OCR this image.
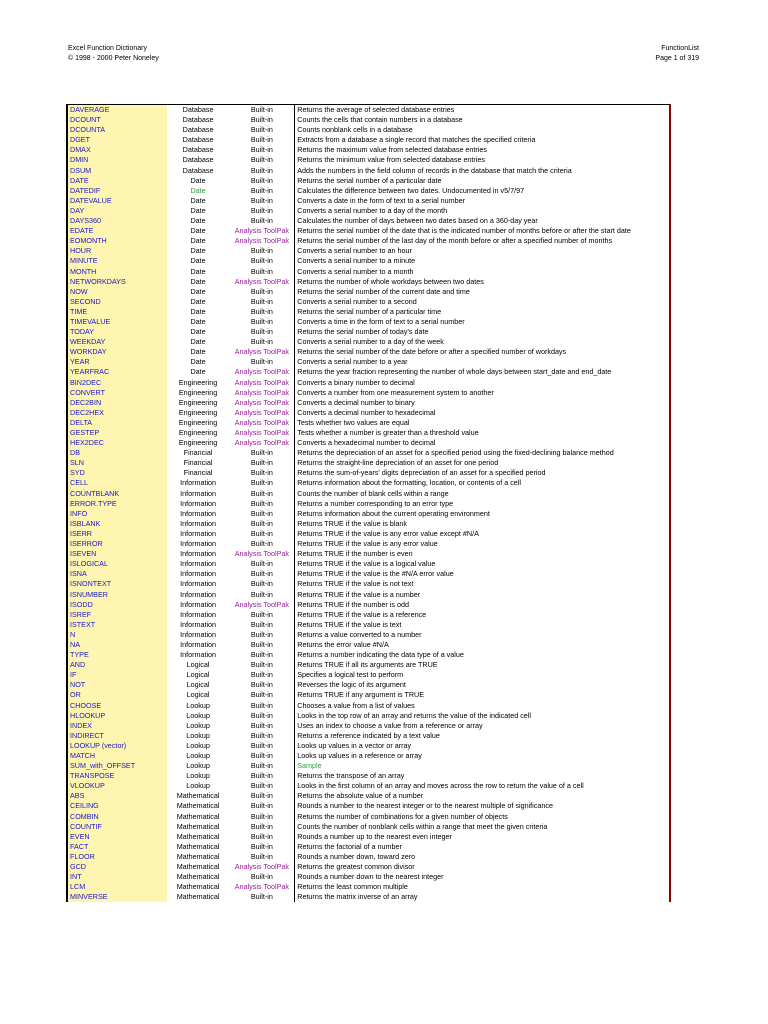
Excel Function Dictionary
© 1998 - 2000 Peter Noneley
FunctionList
Page 1 of 319
DAVERAGE	Database	Built-in	Returns the average of selected database entries
DCOUNT	Database	Built-in	Counts the cells that contain numbers in a database
DCOUNTA	Database	Built-in	Counts nonblank cells in a database
DGET	Database	Built-in	Extracts from a database a single record that matches the specified criteria
DMAX	Database	Built-in	Returns the maximum value from selected database entries
DMIN	Database	Built-in	Returns the minimum value from selected database entries
DSUM	Database	Built-in	Adds the numbers in the field column of records in the database that match the criteria
DATE	Date	Built-in	Returns the serial number of a particular date
DATEDIF	Date	Built-in	Calculates the difference between two dates. Undocumented in v5/7/97
DATEVALUE	Date	Built-in	Converts a date in the form of text to a serial number
DAY	Date	Built-in	Converts a serial number to a day of the month
DAYS360	Date	Built-in	Calculates the number of days between two dates based on a 360-day year
EDATE	Date	Analysis ToolPak	Returns the serial number of the date that is the indicated number of months before or after the start date
EOMONTH	Date	Analysis ToolPak	Returns the serial number of the last day of the month before or after a specified number of months
HOUR	Date	Built-in	Converts a serial number to an hour
MINUTE	Date	Built-in	Converts a serial number to a minute
MONTH	Date	Built-in	Converts a serial number to a month
NETWORKDAYS	Date	Analysis ToolPak	Returns the number of whole workdays between two dates
NOW	Date	Built-in	Returns the serial number of the current date and time
SECOND	Date	Built-in	Converts a serial number to a second
TIME	Date	Built-in	Returns the serial number of a particular time
TIMEVALUE	Date	Built-in	Converts a time in the form of text to a serial number
TODAY	Date	Built-in	Returns the serial number of today's date
WEEKDAY	Date	Built-in	Converts a serial number to a day of the week
WORKDAY	Date	Analysis ToolPak	Returns the serial number of the date before or after a specified number of workdays
YEAR	Date	Built-in	Converts a serial number to a year
YEARFRAC	Date	Analysis ToolPak	Returns the year fraction representing the number of whole days between start_date and end_date
BIN2DEC	Engineering	Analysis ToolPak	Converts a binary number to decimal
CONVERT	Engineering	Analysis ToolPak	Converts a number from one measurement system to another
DEC2BIN	Engineering	Analysis ToolPak	Converts a decimal number to binary
DEC2HEX	Engineering	Analysis ToolPak	Converts a decimal number to hexadecimal
DELTA	Engineering	Analysis ToolPak	Tests whether two values are equal
GESTEP	Engineering	Analysis ToolPak	Tests whether a number is greater than a threshold value
HEX2DEC	Engineering	Analysis ToolPak	Converts a hexadecimal number to decimal
DB	Financial	Built-in	Returns the depreciation of an asset for a specified period using the fixed-declining balance method
SLN	Financial	Built-in	Returns the straight-line depreciation of an asset for one period
SYD	Financial	Built-in	Returns the sum-of-years' digits depreciation of an asset for a specified period
CELL	Information	Built-in	Returns information about the formatting, location, or contents of a cell
COUNTBLANK	Information	Built-in	Counts the number of blank cells within a range
ERROR.TYPE	Information	Built-in	Returns a number corresponding to an error type
INFO	Information	Built-in	Returns information about the current operating environment
ISBLANK	Information	Built-in	Returns TRUE if the value is blank
ISERR	Information	Built-in	Returns TRUE if the value is any error value except #N/A
ISERROR	Information	Built-in	Returns TRUE if the value is any error value
ISEVEN	Information	Analysis ToolPak	Returns TRUE if the number is even
ISLOGICAL	Information	Built-in	Returns TRUE if the value is a logical value
ISNA	Information	Built-in	Returns TRUE if the value is the #N/A error value
ISNONTEXT	Information	Built-in	Returns TRUE if the value is not text
ISNUMBER	Information	Built-in	Returns TRUE if the value is a number
ISODD	Information	Analysis ToolPak	Returns TRUE if the number is odd
ISREF	Information	Built-in	Returns TRUE if the value is a reference
ISTEXT	Information	Built-in	Returns TRUE if the value is text
N	Information	Built-in	Returns a value converted to a number
NA	Information	Built-in	Returns the error value #N/A
TYPE	Information	Built-in	Returns a number indicating the data type of a value
AND	Logical	Built-in	Returns TRUE if all its arguments are TRUE
IF	Logical	Built-in	Specifies a logical test to perform
NOT	Logical	Built-in	Reverses the logic of its argument
OR	Logical	Built-in	Returns TRUE if any argument is TRUE
CHOOSE	Lookup	Built-in	Chooses a value from a list of values
HLOOKUP	Lookup	Built-in	Looks in the top row of an array and returns the value of the indicated cell
INDEX	Lookup	Built-in	Uses an index to choose a value from a reference or array
INDIRECT	Lookup	Built-in	Returns a reference indicated by a text value
LOOKUP (vector)	Lookup	Built-in	Looks up values in a vector or array
MATCH	Lookup	Built-in	Looks up values in a reference or array
SUM_with_OFFSET	Lookup	Built-in	Sample
TRANSPOSE	Lookup	Built-in	Returns the transpose of an array
VLOOKUP	Lookup	Built-in	Looks in the first column of an array and moves across the row to return the value of a cell
ABS	Mathematical	Built-in	Returns the absolute value of a number
CEILING	Mathematical	Built-in	Rounds a number to the nearest integer or to the nearest multiple of significance
COMBIN	Mathematical	Built-in	Returns the number of combinations for a given number of objects
COUNTIF	Mathematical	Built-in	Counts the number of nonblank cells within a range that meet the given criteria
EVEN	Mathematical	Built-in	Rounds a number up to the nearest even integer
FACT	Mathematical	Built-in	Returns the factorial of a number
FLOOR	Mathematical	Built-in	Rounds a number down, toward zero
GCD	Mathematical	Analysis ToolPak	Returns the greatest common divisor
INT	Mathematical	Built-in	Rounds a number down to the nearest integer
LCM	Mathematical	Analysis ToolPak	Returns the least common multiple
MINVERSE	Mathematical	Built-in	Returns the matrix inverse of an array
